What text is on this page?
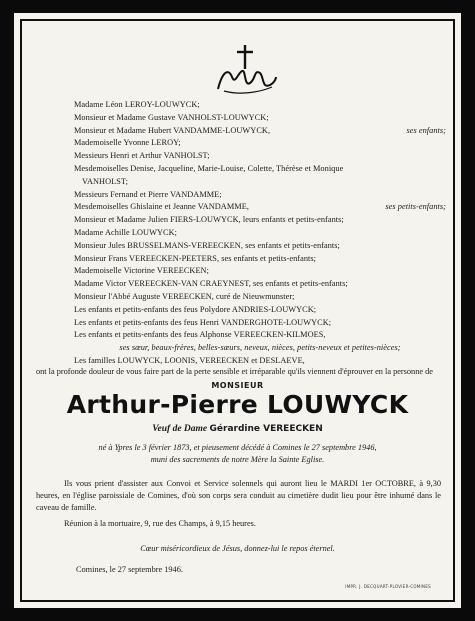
Madame Léon LEROY-LOUWYCK;
Monsieur et Madame Gustave VANHOLST-LOUWYCK;
Monsieur et Madame Hubert VANDAMME-LOUWYCK,	ses enfants;
Mademoiselle Yvonne LEROY;
Messieurs Henri et Arthur VANHOLST;
Mesdemoiselles Denise, Jacqueline, Marie-Louise, Colette, Thérèse et Monique
VANHOLST;
Messieurs Fernand et Pierre VANDAMME;
Mesdemoiselles Ghislaine et Jeanne VANDAMME,	ses petits-enfants;
Monsieur et Madame Julien FIERS-LOUWYCK, leurs enfants et petits-enfants;
Madame Achille LOUWYCK;
Monsieur Jules BRUSSELMANS-VEREECKEN, ses enfants et petits-enfants;
Monsieur Frans VEREECKEN-PEETERS, ses enfants et petits-enfants;
Mademoiselle Victorine VEREECKEN;
Madame Victor VEREECKEN-VAN CRAEYNEST, ses enfants et petits-enfants;
Monsieur l'Abbé Auguste VEREECKEN, curé de Nieuwmunster;
Les enfants et petits-enfants des feus Polydore ANDRIES-LOUWYCK;
Les enfants et petits-enfants des feus Henri VANDERGHOTE-LOUWYCK;
Les enfants et petits-enfants des feus Alphonse VEREECKEN-KILMOES,
ses sœur, beaux-frères, belles-sœurs, neveux, nièces, petits-neveux et petites-nièces;
Les familles LOUWYCK, LOONIS, VEREECKEN et DESLAEVE,
ont la profonde douleur de vous faire part de la perte sensible et irréparable qu'ils viennent d'éprouver en la personne de
MONSIEUR
Arthur-Pierre LOUWYCK
Veuf de Dame Gérardine VEREECKEN
né à Ypres le 3 février 1873, et pieusement décédé à Comines le 27 septembre 1946,
muni des sacrements de notre Mère la Sainte Eglise.

Ils vous prient d'assister aux Convoi et Service solennels qui auront lieu le MARDI 1er OCTOBRE, à 9,30 heures, en l'église paroissiale de Comines, d'où son corps sera conduit au cimetière dudit lieu pour être inhumé dans le caveau de famille.

Réunion à la mortuaire, 9, rue des Champs, à 9,15 heures.
Cœur miséricordieux de Jésus, donnez-lui le repos éternel.
Comines, le 27 septembre 1946.
IMPR. J. DECQUART-PLOVIER-COMINES
